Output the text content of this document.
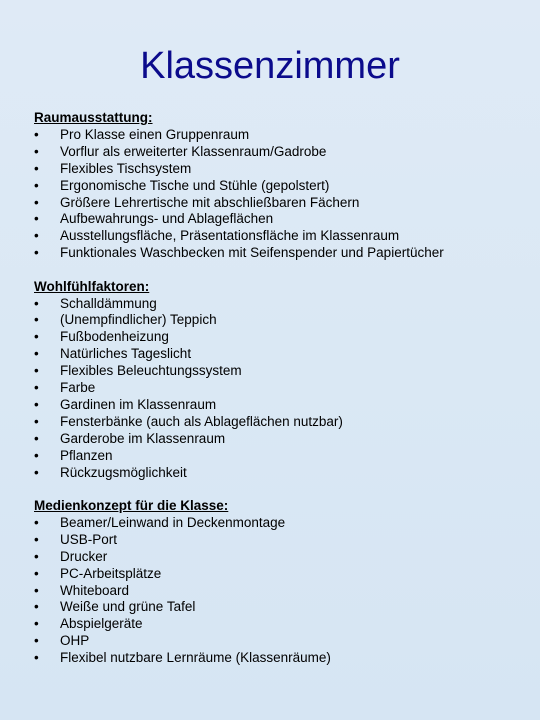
Klassenzimmer
Raumausstattung:
• Pro Klasse einen Gruppenraum
• Vorflur als erweiterter Klassenraum/Gadrobe
• Flexibles Tischsystem
• Ergonomische Tische und Stühle (gepolstert)
• Größere Lehrertische mit abschließbaren Fächern
• Aufbewahrungs- und Ablageflächen
• Ausstellungsfläche, Präsentationsfläche im Klassenraum
• Funktionales Waschbecken mit Seifenspender und Papiertücher
Wohlfühlfaktoren:
• Schalldämmung
• (Unempfindlicher) Teppich
• Fußbodenheizung
• Natürliches Tageslicht
• Flexibles Beleuchtungssystem
• Farbe
• Gardinen im Klassenraum
• Fensterbänke (auch als Ablageflächen nutzbar)
• Garderobe im Klassenraum
• Pflanzen
• Rückzugsmöglichkeit
Medienkonzept für die Klasse:
• Beamer/Leinwand in Deckenmontage
• USB-Port
• Drucker
• PC-Arbeitsplätze
• Whiteboard
• Weiße und grüne Tafel
• Abspielgeräte
• OHP
• Flexibel nutzbare Lernräume (Klassenräume)
